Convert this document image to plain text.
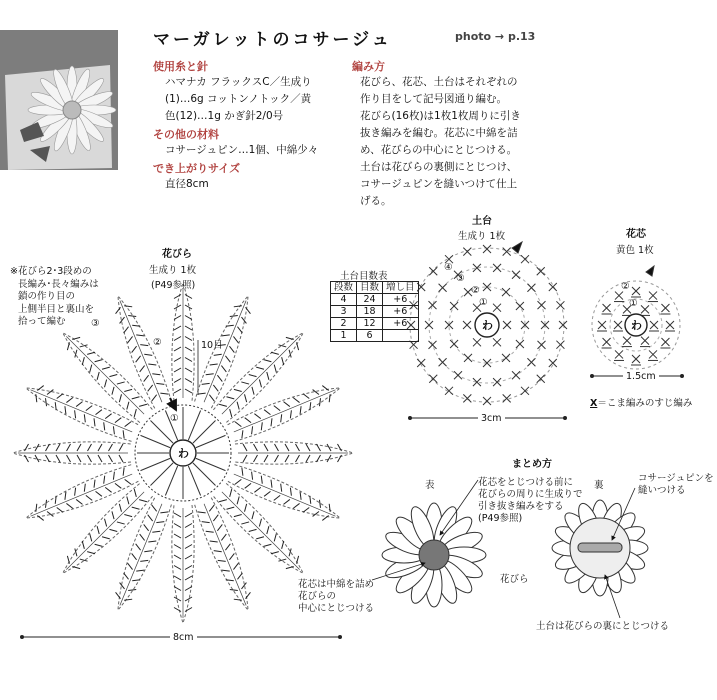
マーガレットのコサージュ	photo → p.13
使用糸と針
ハマナカ フラックスC／生成り
(1)…6g コットンノトック／黄
色(12)…1g かぎ針2/0号
その他の材料
コサージュピン…1個、中綿少々
でき上がりサイズ
直径8cm
編み方
花びら、花芯、土台はそれぞれの
作り目をして記号図通り編む。
花びら(16枚)は1枚1枚周りに引き
抜き編みを編む。花芯に中綿を詰
め、花びらの中心にとじつける。
土台は花びらの裏側にとじつけ、
コサージュピンを縫いつけて仕上
げる。
花びら
生成り 1枚
(P49参照)
※花びら2･3段めの
長編み･長々編みは
鎖の作り目の
上側半目と裏山を
拾って編む
わ
①
②
③
10目
8cm
土台目数表
段数	目数	増し目
4	24	+6
3	18	+6
2	12	+6
1	6	
土台
生成り 1枚
わ
①
②
③
④
3cm
花芯
黄色 1枚
わ
①
②
1.5cm
X＝こま編みのすじ編み
まとめ方
表	裏
花芯をとじつける前に
花びらの周りに生成りで
引き抜き編みをする
(P49参照)
コサージュピンを
縫いつける
花びら
花芯は中綿を詰め
花びらの
中心にとじつける
土台は花びらの裏にとじつける
